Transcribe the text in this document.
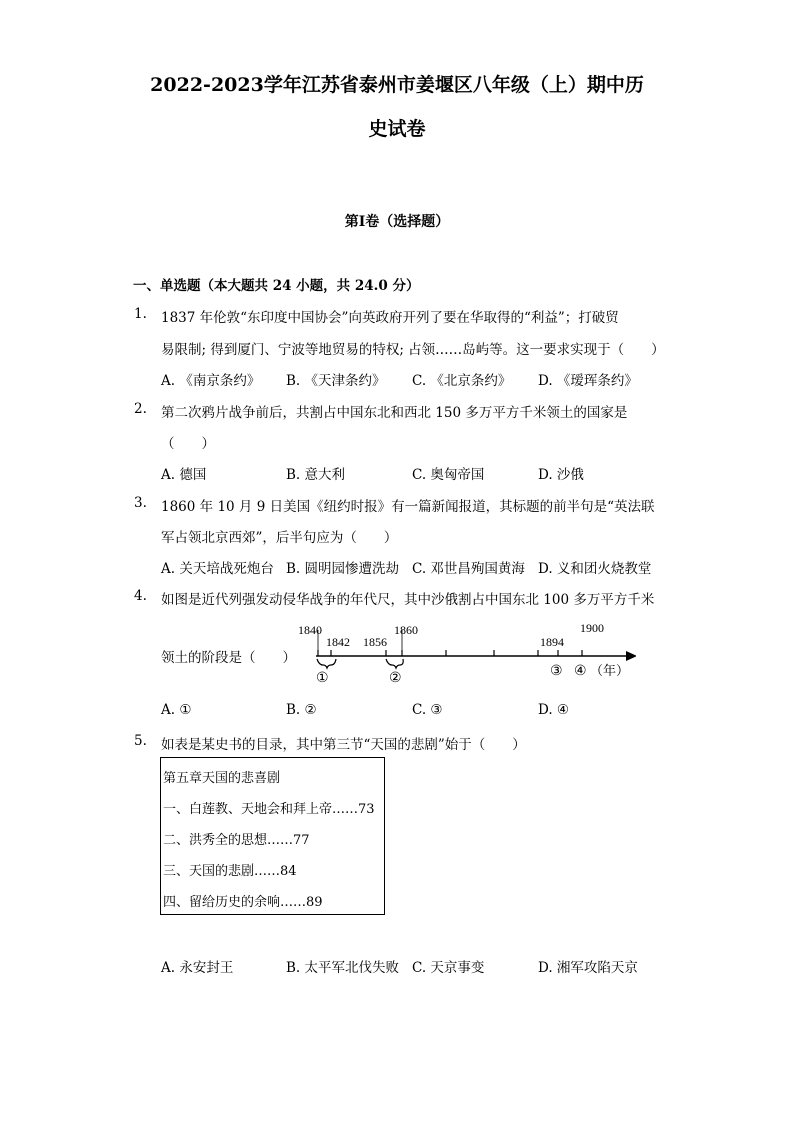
2022-2023学年江苏省泰州市姜堰区八年级（上）期中历
史试卷
第I卷（选择题）
一、单选题（本大题共 24 小题，共 24.0 分）
1. 1837 年伦敦“东印度中国协会”向英政府开列了要在华取得的“利益”；打破贸
易限制; 得到厦门、宁波等地贸易的特权; 占领……岛屿等。这一要求实现于（　　）
A. 《南京条约》 B. 《天津条约》 C. 《北京条约》 D. 《瑷珲条约》
2. 第二次鸦片战争前后，共割占中国东北和西北 150 多万平方千米领土的国家是
（　　）
A. 德国	B. 意大利	C. 奥匈帝国	D. 沙俄
3. 1860 年 10 月 9 日美国《纽约时报》有一篇新闻报道，其标题的前半句是“英法联
军占领北京西郊”，后半句应为（　　）
A. 关天培战死炮台 B. 圆明园惨遭洗劫 C. 邓世昌殉国黄海 D. 义和团火烧教堂
4. 如图是近代列强发动侵华战争的年代尺，其中沙俄割占中国东北 100 多万平方千米
领土的阶段是（　　）
1840
1842 1856
1860
1894
1900
①	②	③ ④ （年）
A. ①	B. ②	C. ③	D. ④
5. 如表是某史书的目录，其中第三节“天国的悲剧”始于（　　）
第五章天国的悲喜剧
一、白莲教、天地会和拜上帝……73
二、洪秀全的思想……77
三、天国的悲剧……84
四、留给历史的余响……89
A. 永安封王	B. 太平军北伐失败 C. 天京事变	D. 湘军攻陷天京
